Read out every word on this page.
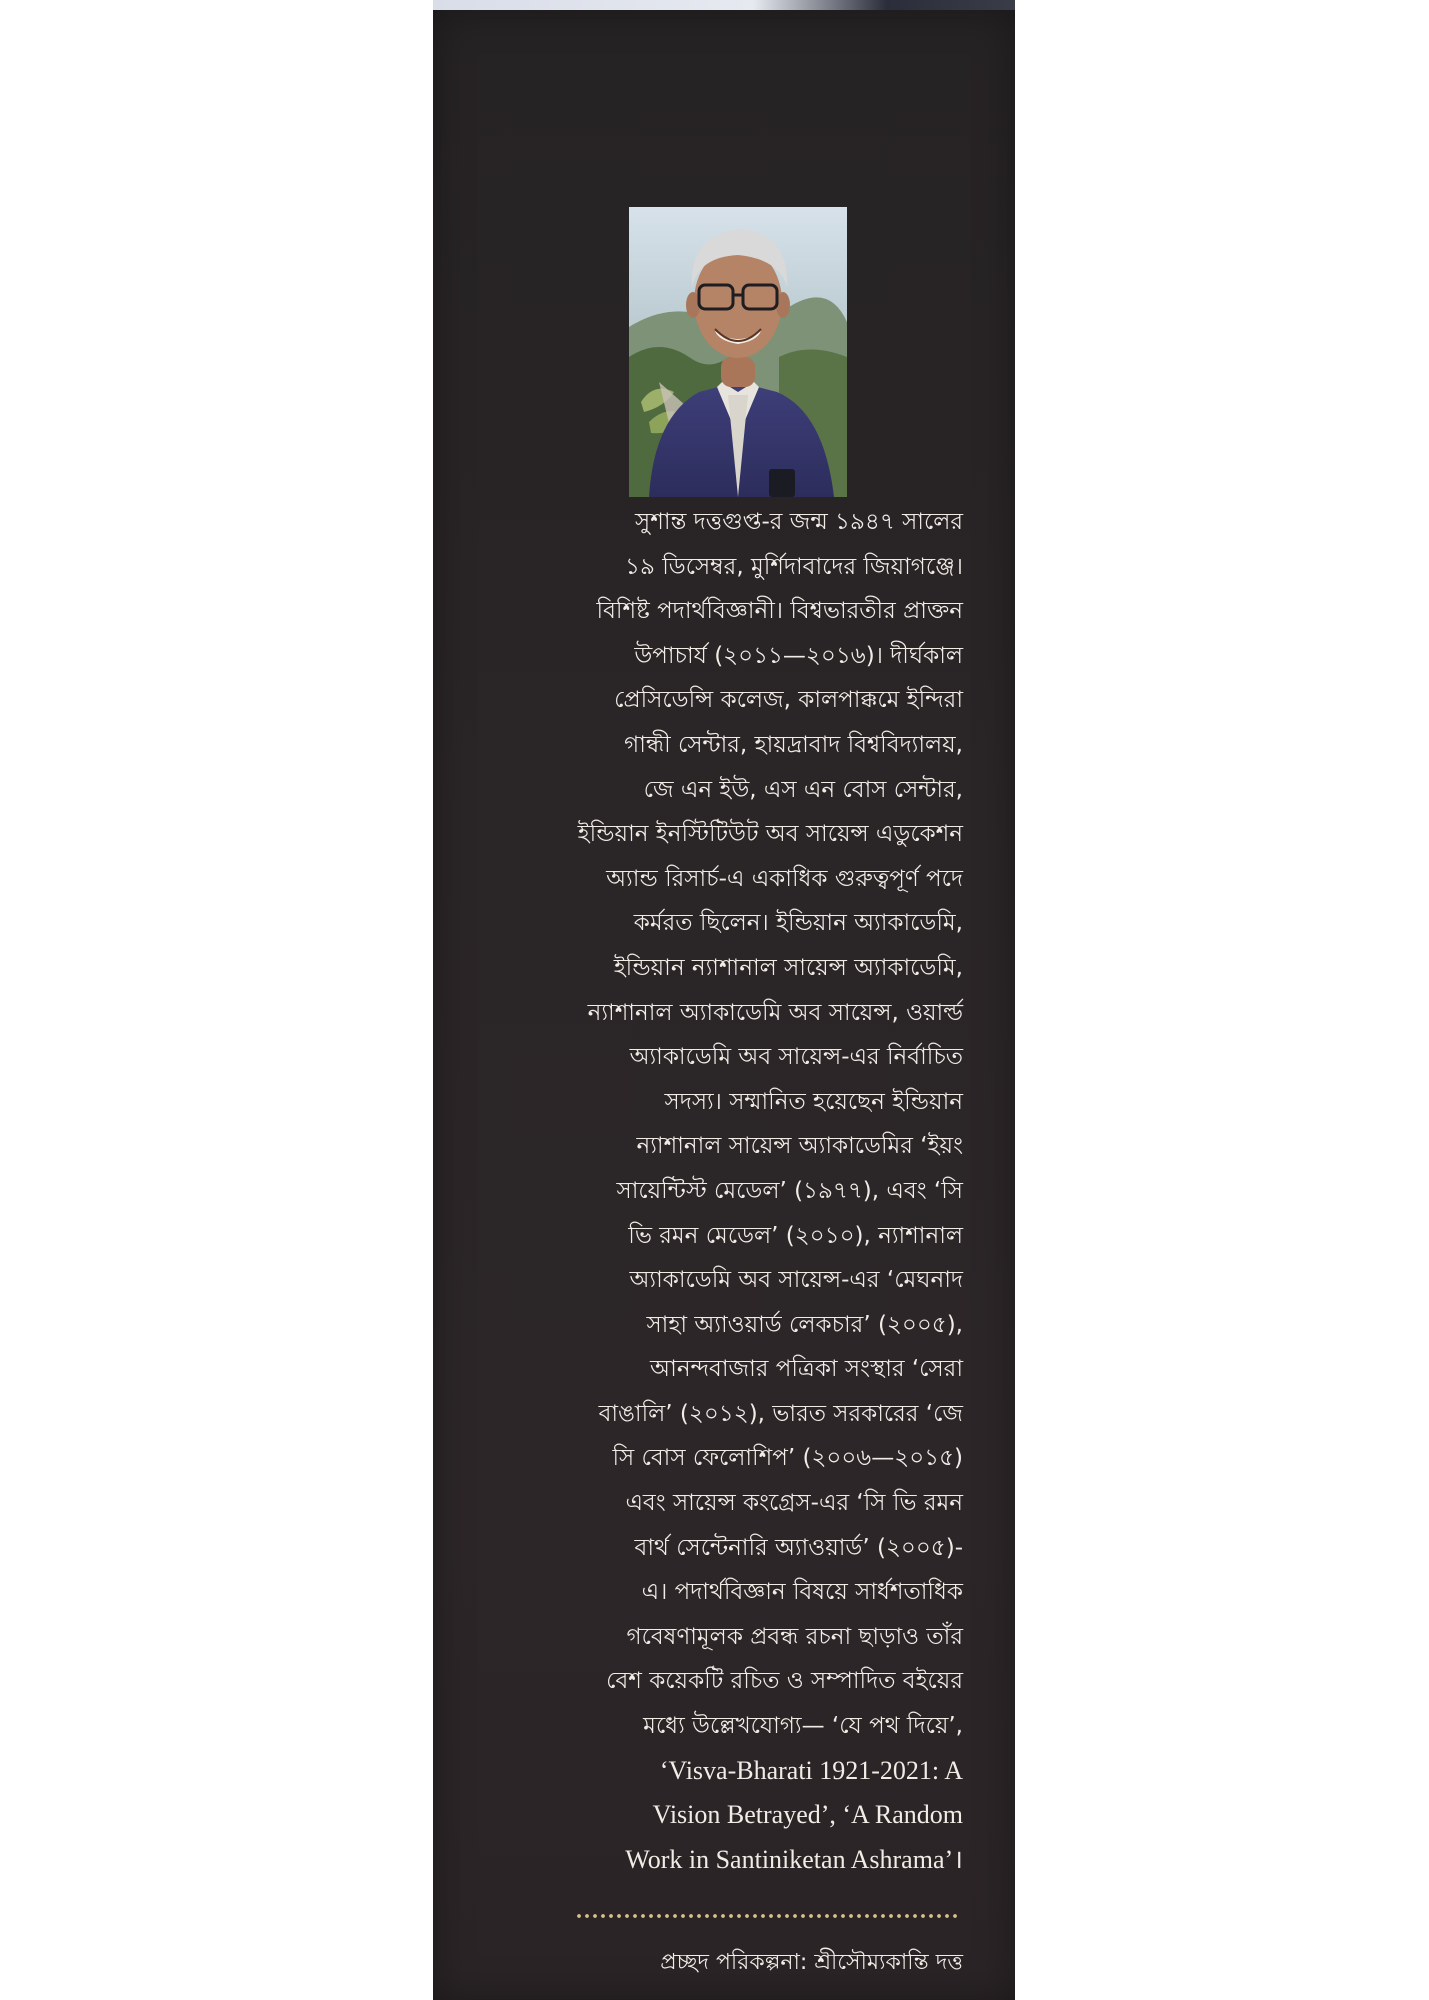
সুশান্ত দত্তগুপ্ত-র জন্ম ১৯৪৭ সালের
১৯ ডিসেম্বর, মুর্শিদাবাদের জিয়াগঞ্জে।
বিশিষ্ট পদার্থবিজ্ঞানী। বিশ্বভারতীর প্রাক্তন
উপাচার্য (২০১১—২০১৬)। দীর্ঘকাল
প্রেসিডেন্সি কলেজ, কালপাক্কমে ইন্দিরা
গান্ধী সেন্টার, হায়দ্রাবাদ বিশ্ববিদ্যালয়,
জে এন ইউ, এস এন বোস সেন্টার,
ইন্ডিয়ান ইনস্টিটিউট অব সায়েন্স এডুকেশন
অ্যান্ড রিসার্চ-এ একাধিক গুরুত্বপূর্ণ পদে
কর্মরত ছিলেন। ইন্ডিয়ান অ্যাকাডেমি,
ইন্ডিয়ান ন্যাশানাল সায়েন্স অ্যাকাডেমি,
ন্যাশানাল অ্যাকাডেমি অব সায়েন্স, ওয়ার্ল্ড
অ্যাকাডেমি অব সায়েন্স-এর নির্বাচিত
সদস্য। সম্মানিত হয়েছেন ইন্ডিয়ান
ন্যাশানাল সায়েন্স অ্যাকাডেমির ‘ইয়ং
সায়েন্টিস্ট মেডেল’ (১৯৭৭), এবং ‘সি
ভি রমন মেডেল’ (২০১০), ন্যাশানাল
অ্যাকাডেমি অব সায়েন্স-এর ‘মেঘনাদ
সাহা অ্যাওয়ার্ড লেকচার’ (২০০৫),
আনন্দবাজার পত্রিকা সংস্থার ‘সেরা
বাঙালি’ (২০১২), ভারত সরকারের ‘জে
সি বোস ফেলোশিপ’ (২০০৬—২০১৫)
এবং সায়েন্স কংগ্রেস-এর ‘সি ভি রমন
বার্থ সেন্টেনারি অ্যাওয়ার্ড’ (২০০৫)-
এ। পদার্থবিজ্ঞান বিষয়ে সার্ধশতাধিক
গবেষণামূলক প্রবন্ধ রচনা ছাড়াও তাঁর
বেশ কয়েকটি রচিত ও সম্পাদিত বইয়ের
মধ্যে উল্লেখযোগ্য— ‘যে পথ দিয়ে’,
‘Visva-Bharati 1921-2021: A
Vision Betrayed’, ‘A Random
Work in Santiniketan Ashrama’।

প্রচ্ছদ পরিকল্পনা: শ্রীসৌম্যকান্তি দত্ত
